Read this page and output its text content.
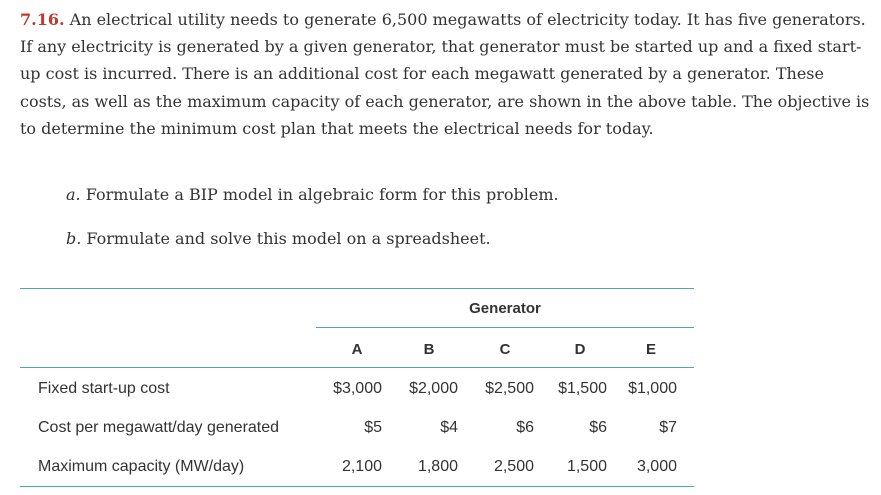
7.16. An electrical utility needs to generate 6,500 megawatts of electricity today. It has five generators. If any electricity is generated by a given generator, that generator must be started up and a fixed start-up cost is incurred. There is an additional cost for each megawatt generated by a generator. These costs, as well as the maximum capacity of each generator, are shown in the above table. The objective is to determine the minimum cost plan that meets the electrical needs for today.
a. Formulate a BIP model in algebraic form for this problem.
b. Formulate and solve this model on a spreadsheet.
Generator
A	B	C	D	E
Fixed start-up cost	$3,000	$2,000	$2,500	$1,500	$1,000
Cost per megawatt/day generated	$5	$4	$6	$6	$7
Maximum capacity (MW/day)	2,100	1,800	2,500	1,500	3,000
